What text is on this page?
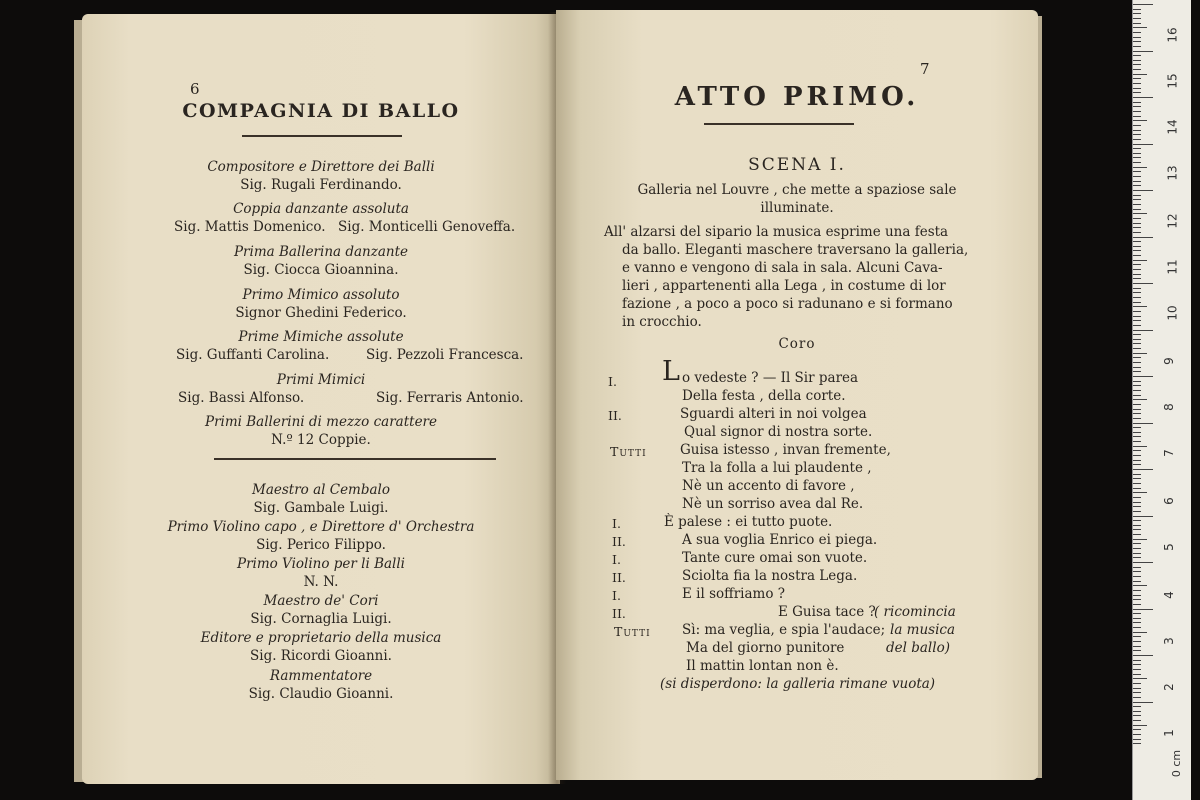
6
COMPAGNIA DI BALLO
Compositore e Direttore dei Balli
Sig. Rugali Ferdinando.
Coppia danzante assoluta
Sig. Mattis Domenico. Sig. Monticelli Genoveffa.
Prima Ballerina danzante
Sig. Ciocca Gioannina.
Primo Mimico assoluto
Signor Ghedini Federico.
Prime Mimiche assolute
Sig. Guffanti Carolina.	Sig. Pezzoli Francesca.
Primi Mimici
Sig. Bassi Alfonso.	Sig. Ferraris Antonio.
Primi Ballerini di mezzo carattere
N.º 12 Coppie.
Maestro al Cembalo
Sig. Gambale Luigi.
Primo Violino capo , e Direttore d' Orchestra
Sig. Perico Filippo.
Primo Violino per li Balli
N. N.
Maestro de' Cori
Sig. Cornaglia Luigi.
Editore e proprietario della musica
Sig. Ricordi Gioanni.
Rammentatore
Sig. Claudio Gioanni.
7
ATTO PRIMO.
SCENA I.
Galleria nel Louvre , che mette a spaziose sale
illuminate.
All' alzarsi del sipario la musica esprime una festa
da ballo. Eleganti maschere traversano la galleria,
e vanno e vengono di sala in sala. Alcuni Cava-
lieri , appartenenti alla Lega , in costume di lor
fazione , a poco a poco si radunano e si formano
in crocchio.
Coro
I. L o vedeste ? — Il Sir parea
Della festa , della corte.
II.	Sguardi alteri in noi volgea
Qual signor di nostra sorte.
Tutti Guisa istesso , invan fremente,
Tra la folla a lui plaudente ,
Nè un accento di favore ,
Nè un sorriso avea dal Re.
I.	È palese : ei tutto puote.
II.	A sua voglia Enrico ei piega.
I.	Tante cure omai son vuote.
II.	Sciolta fia la nostra Lega.
I.	E il soffriamo ?
II.	E Guisa tace ?
( ricomincia
Tutti Sì: ma veglia, e spia l'audace; la musica
Ma del giorno punitore	del ballo)
Il mattin lontan non è.
(si disperdono: la galleria rimane vuota)
16
15
14
13
12
11
10
9
8
7
6
5
4
3
2
1
0 cm
